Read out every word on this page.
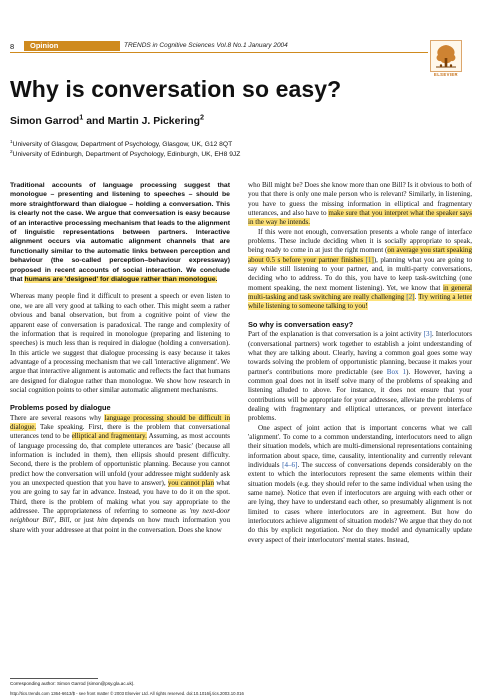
8	Opinion	TRENDS in Cognitive Sciences Vol.8 No.1 January 2004
ELSEVIER
Why is conversation so easy?
Simon Garrod$^1$ and Martin J. Pickering$^2$
$^1$University of Glasgow, Department of Psychology, Glasgow, UK, G12 8QT
$^2$University of Edinburgh, Department of Psychology, Edinburgh, UK, EH8 9JZ

Traditional accounts of language processing suggest that monologue – presenting and listening to speeches – should be more straightforward than dialogue – holding a conversation. This is clearly not the case. We argue that conversation is easy because of an interactive processing mechanism that leads to the alignment of linguistic representations between partners. Interactive alignment occurs via automatic alignment channels that are functionally similar to the automatic links between perception and behaviour (the so-called perception–behaviour expressway) proposed in recent accounts of social interaction. We conclude that humans are 'designed' for dialogue rather than monologue.

Whereas many people find it difficult to present a speech or even listen to one, we are all very good at talking to each other. This might seem a rather obvious and banal observation, but from a cognitive point of view the apparent ease of conversation is paradoxical. The range and complexity of the information that is required in monologue (preparing and listening to speeches) is much less than is required in dialogue (holding a conversation). In this article we suggest that dialogue processing is easy because it takes advantage of a processing mechanism that we call 'interactive alignment'. We argue that interactive alignment is automatic and reflects the fact that humans are designed for dialogue rather than monologue. We show how research in social cognition points to other similar automatic alignment mechanisms.

Problems posed by dialogue

There are several reasons why language processing should be difficult in dialogue. Take speaking. First, there is the problem that conversational utterances tend to be elliptical and fragmentary. Assuming, as most accounts of language processing do, that complete utterances are 'basic' (because all information is included in them), then ellipsis should present difficulty. Second, there is the problem of opportunistic planning. Because you cannot predict how the conversation will unfold (your addressee might suddenly ask you an unexpected question that you have to answer), you cannot plan what you are going to say far in advance. Instead, you have to do it on the spot. Third, there is the problem of making what you say appropriate to the addressee. The appropriateness of referring to someone as 'my next-door neighbour Bill', Bill, or just him depends on how much information you share with your addressee at that point in the conversation. Does she know

who Bill might be? Does she know more than one Bill? Is it obvious to both of you that there is only one male person who is relevant? Similarly, in listening, you have to guess the missing information in elliptical and fragmentary utterances, and also have to make sure that you interpret what the speaker says in the way he intends.

If this were not enough, conversation presents a whole range of interface problems. These include deciding when it is socially appropriate to speak, being ready to come in at just the right moment (on average you start speaking about 0.5 s before your partner finishes [1]), planning what you are going to say while still listening to your partner, and, in multi-party conversations, deciding who to address. To do this, you have to keep task-switching (one moment speaking, the next moment listening). Yet, we know that in general multi-tasking and task switching are really challenging [2]. Try writing a letter while listening to someone talking to you!

So why is conversation easy?

Part of the explanation is that conversation is a joint activity [3]. Interlocutors (conversational partners) work together to establish a joint understanding of what they are talking about. Clearly, having a common goal goes some way towards solving the problem of opportunistic planning, because it makes your partner's contributions more predictable (see Box 1). However, having a common goal does not in itself solve many of the problems of speaking and listening alluded to above. For instance, it does not ensure that your contributions will be appropriate for your addressee, alleviate the problems of dealing with fragmentary and elliptical utterances, or prevent interface problems.

One aspect of joint action that is important concerns what we call 'alignment'. To come to a common understanding, interlocutors need to align their situation models, which are multi-dimensional representations containing information about space, time, causality, intentionality and currently relevant individuals [4–6]. The success of conversations depends considerably on the extent to which the interlocutors represent the same elements within their situation models (e.g. they should refer to the same individual when using the same name). Notice that even if interlocutors are arguing with each other or are lying, they have to understand each other, so presumably alignment is not limited to cases where interlocutors are in agreement. But how do interlocutors achieve alignment of situation models? We argue that they do not do this by explicit negotiation. Nor do they model and dynamically update every aspect of their interlocutors' mental states. Instead,

Corresponding author: Simon Garrod (simon@psy.gla.ac.uk).
http://tics.trends.com 1364-6613/$ - see front matter © 2003 Elsevier Ltd. All rights reserved. doi:10.1016/j.tics.2003.10.016
